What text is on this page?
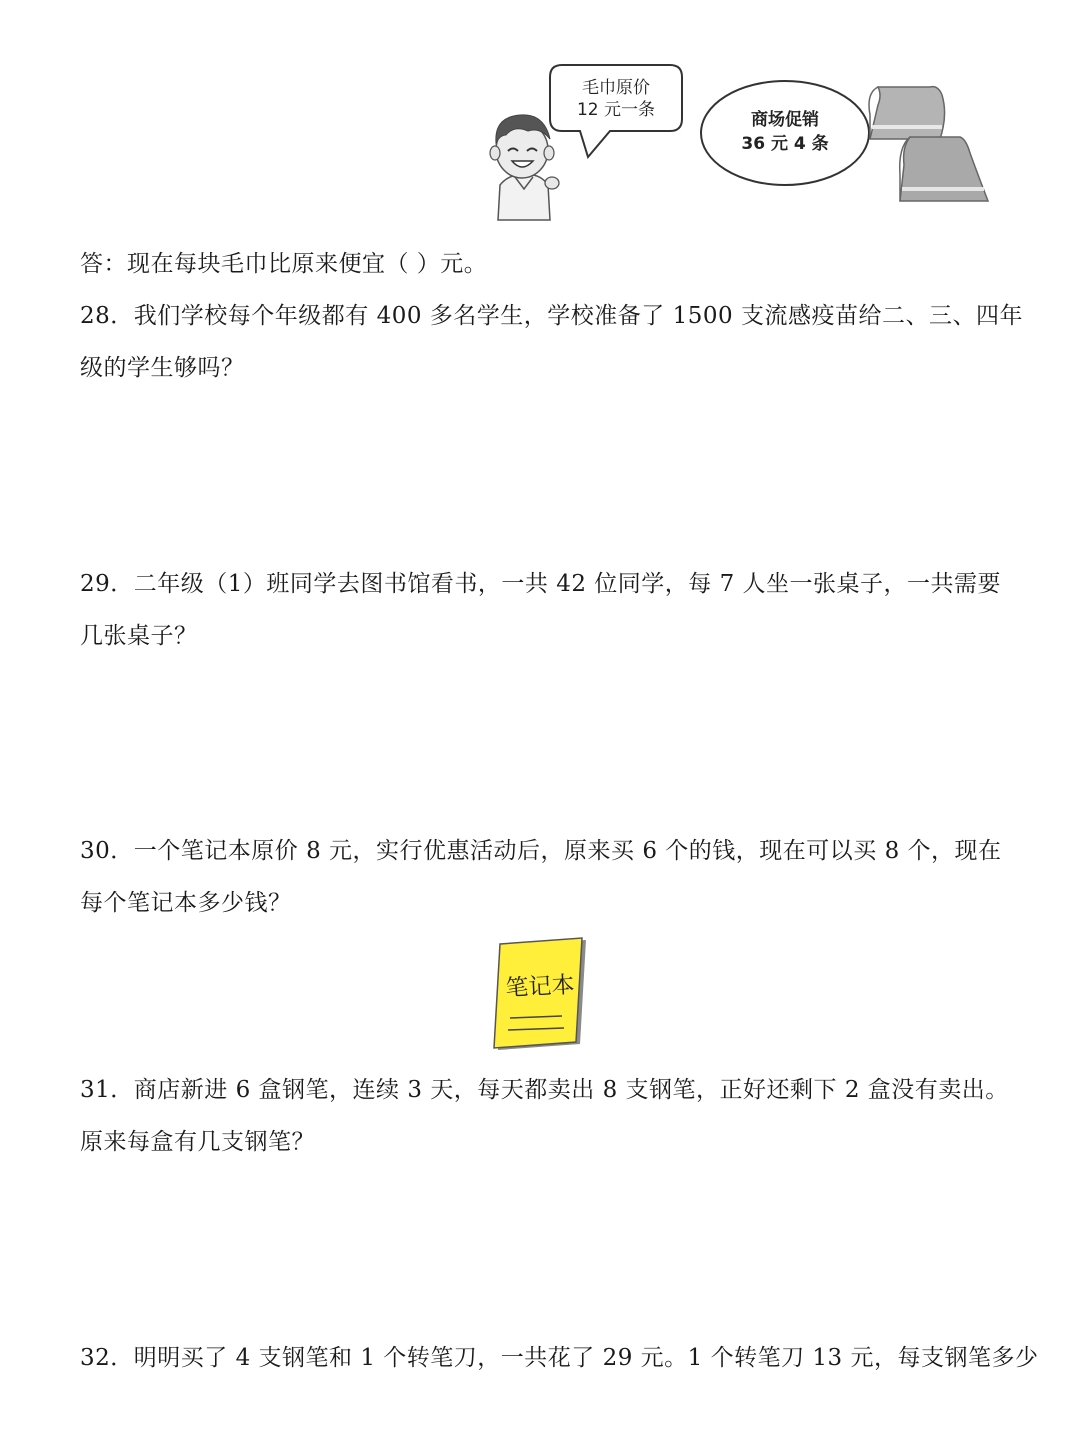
毛巾原价
12 元一条	商场促销
36 元 4 条
答：现在每块毛巾比原来便宜（ ）元。
28．我们学校每个年级都有 400 多名学生，学校准备了 1500 支流感疫苗给二、三、四年
级的学生够吗？
29．二年级（1）班同学去图书馆看书，一共 42 位同学，每 7 人坐一张桌子，一共需要
几张桌子？
30．一个笔记本原价 8 元，实行优惠活动后，原来买 6 个的钱，现在可以买 8 个，现在
每个笔记本多少钱？
笔记本
31．商店新进 6 盒钢笔，连续 3 天，每天都卖出 8 支钢笔，正好还剩下 2 盒没有卖出。
原来每盒有几支钢笔？
32．明明买了 4 支钢笔和 1 个转笔刀，一共花了 29 元。1 个转笔刀 13 元，每支钢笔多少
